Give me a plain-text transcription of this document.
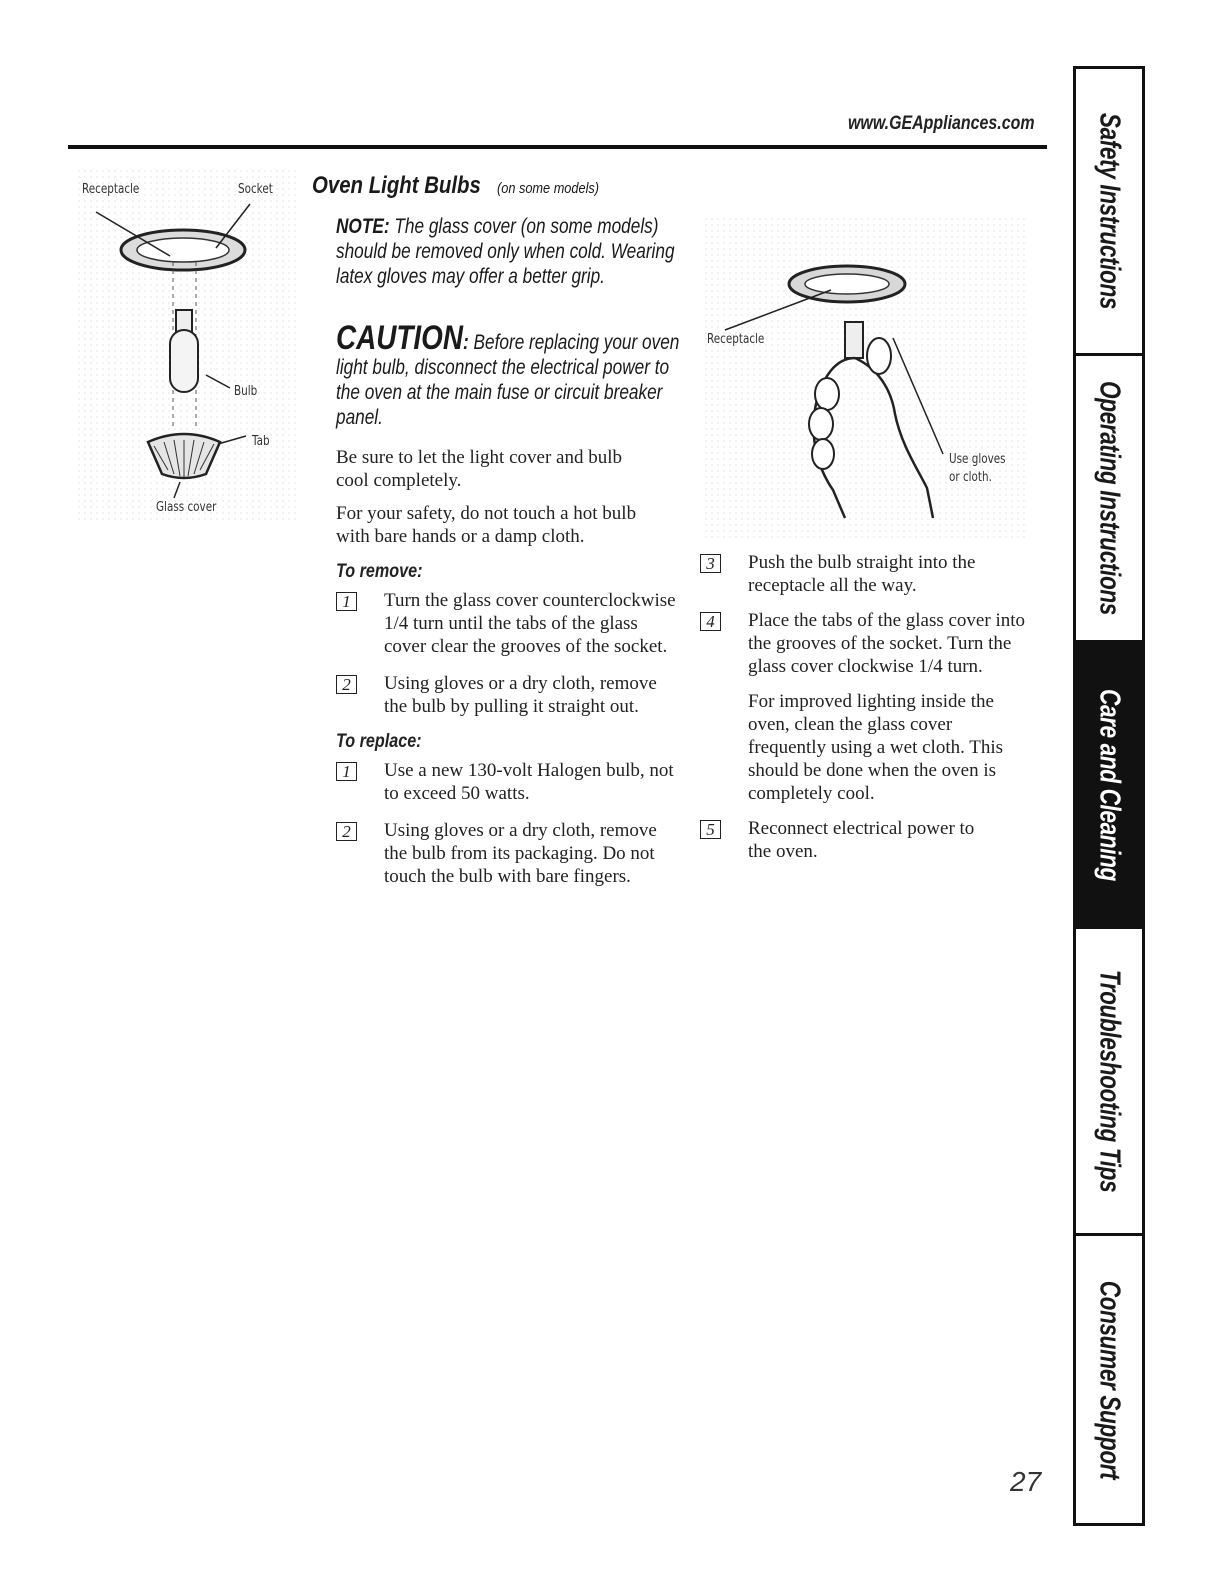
www.GEAppliances.com
Receptacle	Socket
Bulb
Tab
Glass cover
Oven Light Bulbs (on some models)
NOTE: The glass cover (on some models) should be removed only when cold. Wearing latex gloves may offer a better grip.
CAUTION: Before replacing your oven light bulb, disconnect the electrical power to the oven at the main fuse or circuit breaker panel.

Be sure to let the light cover and bulb cool completely.

For your safety, do not touch a hot bulb with bare hands or a damp cloth.

To remove:
1	Turn the glass cover counterclockwise 1/4 turn until the tabs of the glass cover clear the grooves of the socket.
2	Using gloves or a dry cloth, remove the bulb by pulling it straight out.
To replace:
1	Use a new 130-volt Halogen bulb, not to exceed 50 watts.
2	Using gloves or a dry cloth, remove the bulb from its packaging. Do not touch the bulb with bare fingers.
Receptacle
Use gloves
or cloth.
3	Push the bulb straight into the receptacle all the way.
4	Place the tabs of the glass cover into the grooves of the socket. Turn the glass cover clockwise 1/4 turn.

For improved lighting inside the oven, clean the glass cover frequently using a wet cloth. This should be done when the oven is completely cool.

5	Reconnect electrical power to the oven.
27
Safety Instructions
Operating Instructions
Care and Cleaning
Troubleshooting Tips
Consumer Support
